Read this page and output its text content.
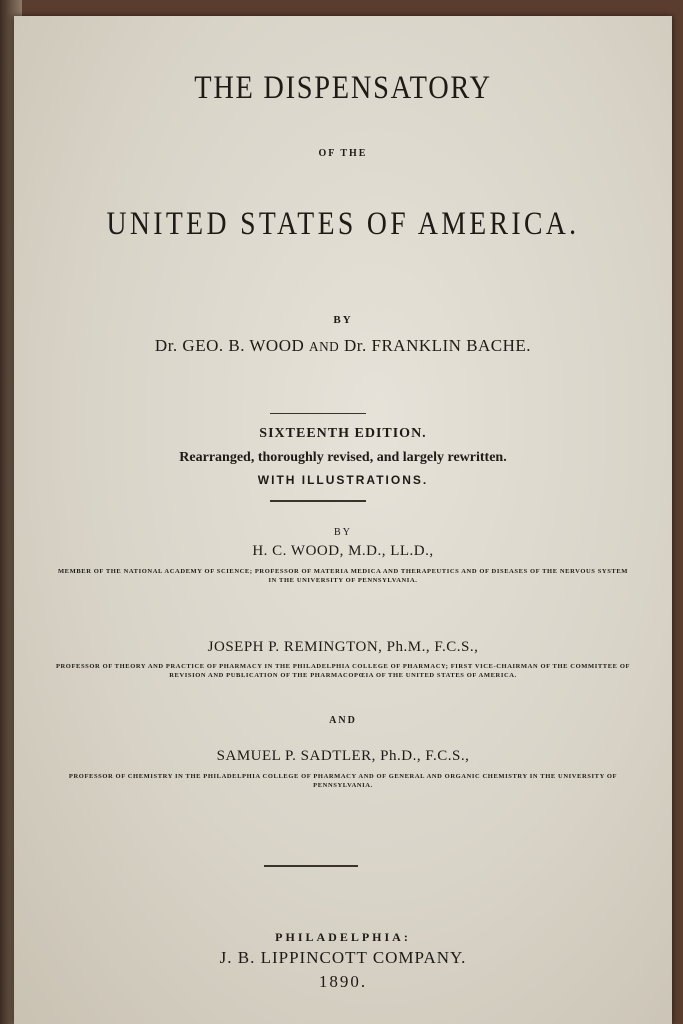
THE DISPENSATORY
OF THE
UNITED STATES OF AMERICA.
BY
Dr. GEO. B. WOOD AND Dr. FRANKLIN BACHE.
SIXTEENTH EDITION.
Rearranged, thoroughly revised, and largely rewritten.
WITH ILLUSTRATIONS.
BY
H. C. WOOD, M.D., LL.D.,
MEMBER OF THE NATIONAL ACADEMY OF SCIENCE; PROFESSOR OF MATERIA MEDICA AND THERAPEUTICS AND OF DISEASES OF THE NERVOUS SYSTEM IN THE UNIVERSITY OF PENNSYLVANIA.
JOSEPH P. REMINGTON, Ph.M., F.C.S.,
PROFESSOR OF THEORY AND PRACTICE OF PHARMACY IN THE PHILADELPHIA COLLEGE OF PHARMACY; FIRST VICE-CHAIRMAN OF THE COMMITTEE OF REVISION AND PUBLICATION OF THE PHARMACOPŒIA OF THE UNITED STATES OF AMERICA.
AND
SAMUEL P. SADTLER, Ph.D., F.C.S.,
PROFESSOR OF CHEMISTRY IN THE PHILADELPHIA COLLEGE OF PHARMACY AND OF GENERAL AND ORGANIC CHEMISTRY IN THE UNIVERSITY OF PENNSYLVANIA.
PHILADELPHIA:
J. B. LIPPINCOTT COMPANY.
1890.
